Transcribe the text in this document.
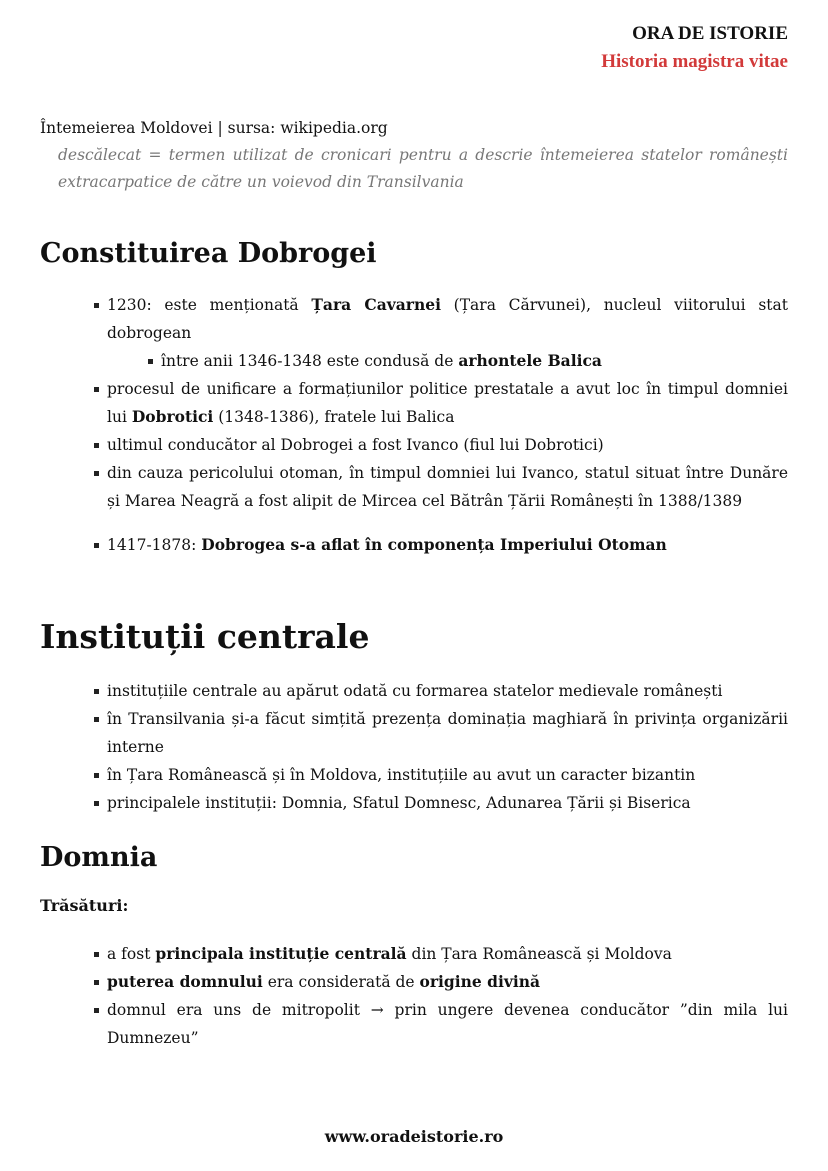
ORA DE ISTORIE
Historia magistra vitae
Întemeierea Moldovei | sursa: wikipedia.org
descălecat = termen utilizat de cronicari pentru a descrie întemeierea statelor românești extracarpatice de către un voievod din Transilvania
Constituirea Dobrogei
1230: este menționată Țara Cavarnei (Țara Cărvunei), nucleul viitorului stat dobrogean
între anii 1346-1348 este condusă de arhontele Balica
procesul de unificare a formațiunilor politice prestatale a avut loc în timpul domniei lui Dobrotici (1348-1386), fratele lui Balica
ultimul conducător al Dobrogei a fost Ivanco (fiul lui Dobrotici)
din cauza pericolului otoman, în timpul domniei lui Ivanco, statul situat între Dunăre și Marea Neagră a fost alipit de Mircea cel Bătrân Țării Românești în 1388/1389
1417-1878: Dobrogea s-a aflat în componența Imperiului Otoman
Instituții centrale
instituțiile centrale au apărut odată cu formarea statelor medievale românești
în Transilvania și-a făcut simțită prezența dominația maghiară în privința organizării interne
în Țara Românească și în Moldova, instituțiile au avut un caracter bizantin
principalele instituții: Domnia, Sfatul Domnesc, Adunarea Țării și Biserica
Domnia
Trăsături:
a fost principala instituție centrală din Țara Românească și Moldova
puterea domnului era considerată de origine divină
domnul era uns de mitropolit → prin ungere devenea conducător ”din mila lui Dumnezeu”
www.oradeistorie.ro
